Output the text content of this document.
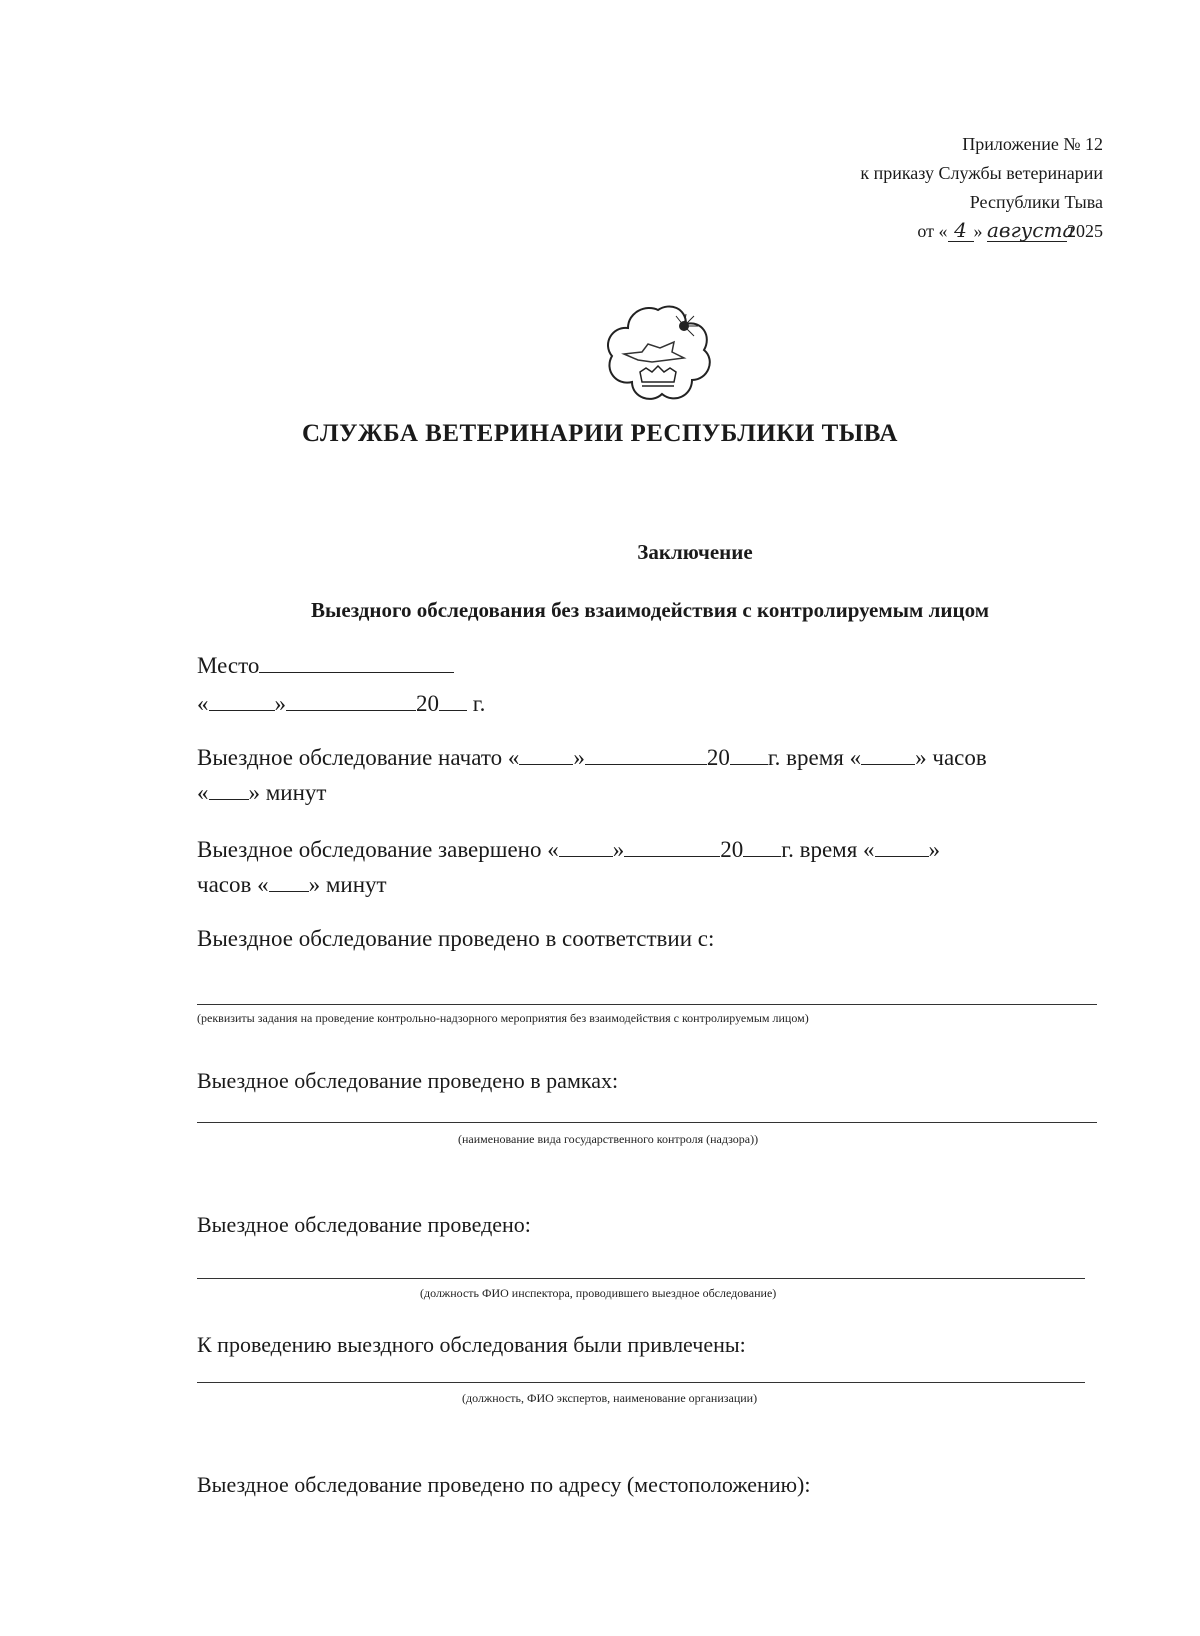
Приложение № 12
к приказу Службы ветеринарии
Республики Тыва
от « 4 » августа2025
СЛУЖБА ВЕТЕРИНАРИИ РЕСПУБЛИКИ ТЫВА
Заключение
Выездного обследования без взаимодействия с контролируемым лицом
Место
«	»	20 г.
Выездное обследование начато « »	20 г. время « » часов
« » минут
Выездное обследование завершено « »	20 г. время « »
часов « » минут
Выездное обследование проведено в соответствии с:
(реквизиты задания на проведение контрольно-надзорного мероприятия без взаимодействия с контролируемым лицом)
Выездное обследование проведено в рамках:
(наименование вида государственного контроля (надзора))
Выездное обследование проведено:
(должность ФИО инспектора, проводившего выездное обследование)
К проведению выездного обследования были привлечены:
(должность, ФИО экспертов, наименование организации)
Выездное обследование проведено по адресу (местоположению):
